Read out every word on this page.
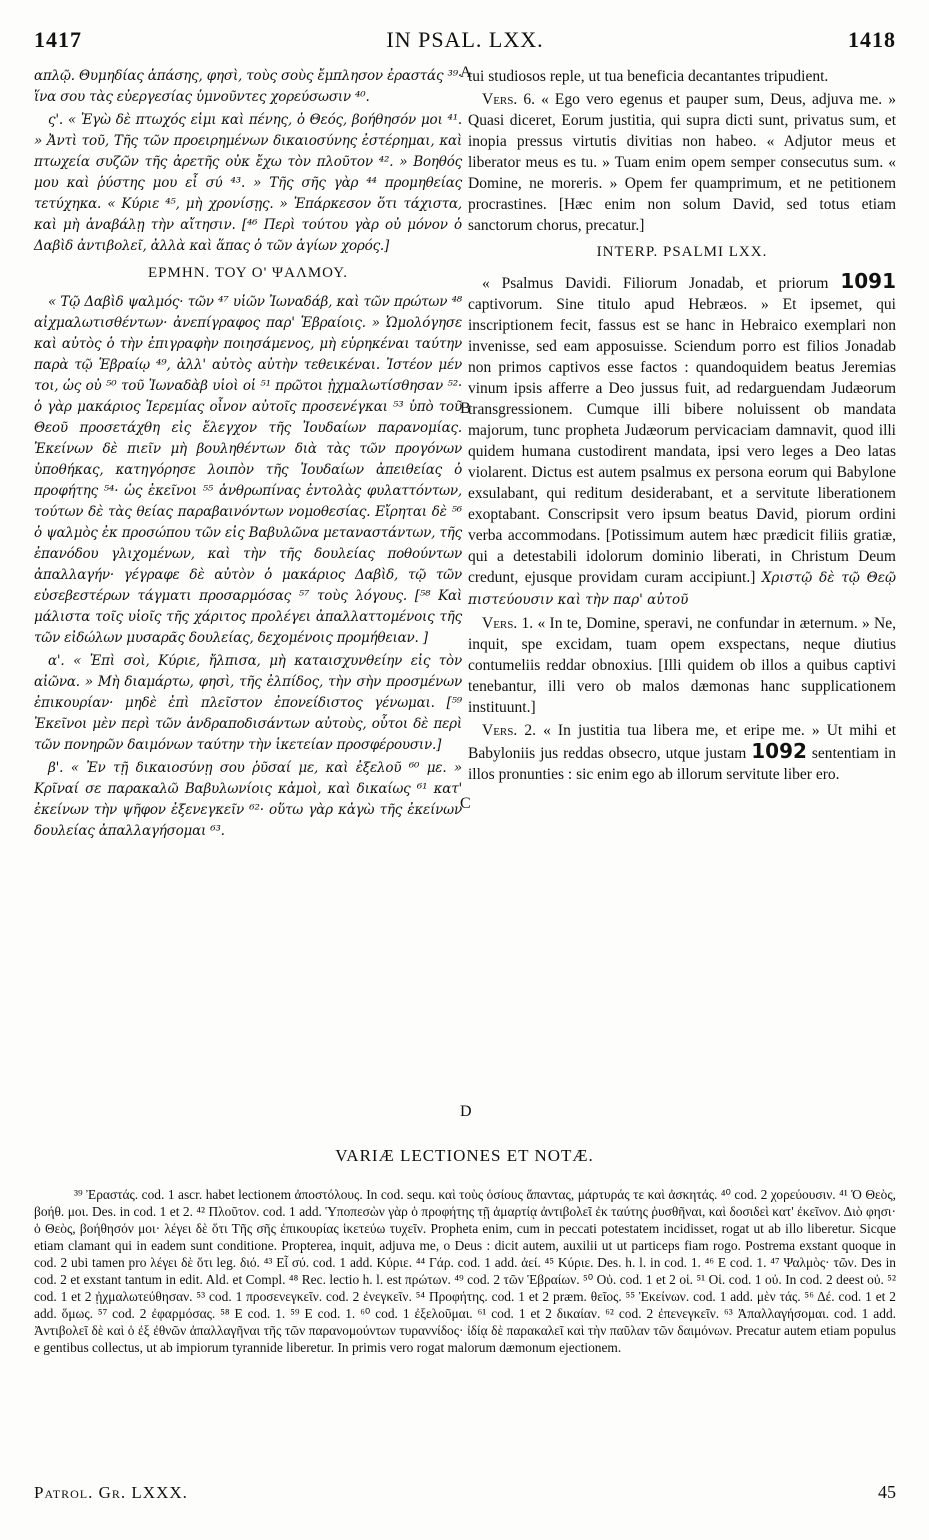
1417	IN PSAL. LXX.	1418

απλῷ. Θυμηδίας ἁπάσης, φησὶ, τοὺς σοὺς ἔμπλησον ἐραστάς ³⁹· ἵνα σου τὰς εὐεργεσίας ὑμνοῦντες χορεύσωσιν ⁴⁰.

ς'. « Ἐγὼ δὲ πτωχός εἰμι καὶ πένης, ὁ Θεός, βοήθησόν μοι ⁴¹. » Ἀντὶ τοῦ, Τῆς τῶν προειρημένων δικαιοσύνης ἐστέρημαι, καὶ πτωχεία συζῶν τῆς ἀρετῆς οὐκ ἔχω τὸν πλοῦτον ⁴². » Βοηθός μου καὶ ῥύστης μου εἶ σύ ⁴³. » Τῆς σῆς γὰρ ⁴⁴ προμηθείας τετύχηκα. « Κύριε ⁴⁵, μὴ χρονίσῃς. » Ἐπάρκεσον ὅτι τάχιστα, καὶ μὴ ἀναβάλῃ τὴν αἴτησιν. [⁴⁶ Περὶ τούτου γὰρ οὐ μόνον ὁ Δαβὶδ ἀντιβολεῖ, ἀλλὰ καὶ ἅπας ὁ τῶν ἁγίων χορός.]

ΕΡΜΗΝ. ΤΟΥ Ο' ΨΑΛΜΟΥ.

« Τῷ Δαβὶδ ψαλμός· τῶν ⁴⁷ υἱῶν Ἰωναδάβ, καὶ τῶν πρώτων ⁴⁸ αἰχμαλωτισθέντων· ἀνεπίγραφος παρ' Ἑβραίοις. » Ὡμολόγησε καὶ αὐτὸς ὁ τὴν ἐπιγραφὴν ποιησάμενος, μὴ εὑρηκέναι ταύτην παρὰ τῷ Ἑβραίῳ ⁴⁹, ἀλλ' αὐτὸς αὐτὴν τεθεικέναι. Ἰστέον μέν τοι, ὡς οὐ ⁵⁰ τοῦ Ἰωναδὰβ υἱοὶ οἱ ⁵¹ πρῶτοι ᾐχμαλωτίσθησαν ⁵²· ὁ γὰρ μακάριος Ἱερεμίας οἶνον αὐτοῖς προσενέγκαι ⁵³ ὑπὸ τοῦ Θεοῦ προσετάχθη εἰς ἔλεγχον τῆς Ἰουδαίων παρανομίας. Ἐκείνων δὲ πιεῖν μὴ βουληθέντων διὰ τὰς τῶν προγόνων ὑποθήκας, κατηγόρησε λοιπὸν τῆς Ἰουδαίων ἀπειθείας ὁ προφήτης ⁵⁴· ὡς ἐκεῖνοι ⁵⁵ ἀνθρωπίνας ἐντολὰς φυλαττόντων, τούτων δὲ τὰς θείας παραβαινόντων νομοθεσίας. Εἴρηται δὲ ⁵⁶ ὁ ψαλμὸς ἐκ προσώπου τῶν εἰς Βαβυλῶνα μεταναστάντων, τῆς ἐπανόδου γλιχομένων, καὶ τὴν τῆς δουλείας ποθούντων ἀπαλλαγήν· γέγραφε δὲ αὐτὸν ὁ μακάριος Δαβὶδ, τῷ τῶν εὐσεβεστέρων τάγματι προσαρμόσας ⁵⁷ τοὺς λόγους. [⁵⁸ Καὶ μάλιστα τοῖς υἱοῖς τῆς χάριτος προλέγει ἀπαλλαττομένοις τῆς τῶν εἰδώλων μυσαρᾶς δουλείας, δεχομένοις προμήθειαν. ]

α'. « Ἐπὶ σοὶ, Κύριε, ἤλπισα, μὴ καταισχυνθείην εἰς τὸν αἰῶνα. » Μὴ διαμάρτω, φησὶ, τῆς ἐλπίδος, τὴν σὴν προσμένων ἐπικουρίαν· μηδὲ ἐπὶ πλεῖστον ἐπονείδιστος γένωμαι. [⁵⁹ Ἐκεῖνοι μὲν περὶ τῶν ἀνδραποδισάντων αὐτοὺς, οὗτοι δὲ περὶ τῶν πονηρῶν δαιμόνων ταύτην τὴν ἱκετείαν προσφέρουσιν.]

β'. « Ἐν τῇ δικαιοσύνῃ σου ῥῦσαί με, καὶ ἐξελοῦ ⁶⁰ με. » Κρῖναί σε παρακαλῶ Βαβυλωνίοις κἀμοὶ, καὶ δικαίως ⁶¹ κατ' ἐκείνων τὴν ψῆφον ἐξενεγκεῖν ⁶²· οὕτω γὰρ κἀγὼ τῆς ἐκείνων δουλείας ἀπαλλαγήσομαι ⁶³.

tui studiosos reple, ut tua beneficia decantantes tripudient.

Vers. 6. « Ego vero egenus et pauper sum, Deus, adjuva me. » Quasi diceret, Eorum justitia, qui supra dicti sunt, privatus sum, et inopia pressus virtutis divitias non habeo. « Adjutor meus et liberator meus es tu. » Tuam enim opem semper consecutus sum. « Domine, ne moreris. » Opem fer quamprimum, et ne petitionem procrastines. [Hæc enim non solum David, sed totus etiam sanctorum chorus, precatur.]

INTERP. PSALMI LXX.

« Psalmus Davidi. Filiorum Jonadab, et priorum 1091 captivorum. Sine titulo apud Hebræos. » Et ipsemet, qui inscriptionem fecit, fassus est se hanc in Hebraico exemplari non invenisse, sed eam apposuisse. Sciendum porro est filios Jonadab non primos captivos esse factos : quandoquidem beatus Jeremias vinum ipsis afferre a Deo jussus fuit, ad redarguendam Judæorum transgressionem. Cumque illi bibere noluissent ob mandata majorum, tunc propheta Judæorum pervicaciam damnavit, quod illi quidem humana custodirent mandata, ipsi vero leges a Deo latas violarent. Dictus est autem psalmus ex persona eorum qui Babylone exsulabant, qui reditum desiderabant, et a servitute liberationem exoptabant. Conscripsit vero ipsum beatus David, piorum ordini verba accommodans. [Potissimum autem hæc prædicit filiis gratiæ, qui a detestabili idolorum dominio liberati, in Christum Deum credunt, ejusque providam curam accipiunt.] Χριστῷ δὲ τῷ Θεῷ πιστεύουσιν καὶ τὴν παρ' αὐτοῦ

Vers. 1. « In te, Domine, speravi, ne confundar in æternum. » Ne, inquit, spe excidam, tuam opem exspectans, neque diutius contumeliis reddar obnoxius. [Illi quidem ob illos a quibus captivi tenebantur, illi vero ob malos dæmonas hanc supplicationem instituunt.]

Vers. 2. « In justitia tua libera me, et eripe me. » Ut mihi et Babyloniis jus reddas obsecro, utque justam 1092 sententiam in illos pronunties : sic enim ego ab illorum servitute liber ero.

A
B
C
D
VARIÆ LECTIONES ET NOTÆ.

³⁹ Ἐραστάς. cod. 1 ascr. habet lectionem ἀποστόλους. In cod. sequ. καὶ τοὺς ὁσίους ἅπαντας, μάρτυράς τε καὶ ἀσκητάς. ⁴⁰ cod. 2 χορεύουσιν. ⁴¹ Ὁ Θεὸς, βοήθ. μοι. Des. in cod. 1 et 2. ⁴² Πλοῦτον. cod. 1 add. Ὑποπεσὼν γὰρ ὁ προφήτης τῇ ἁμαρτίᾳ ἀντιβολεῖ ἐκ ταύτης ῥυσθῆναι, καὶ δοσιδεὶ κατ' ἐκεῖνον. Διὸ φησι· ὁ Θεὸς, βοήθησόν μοι· λέγει δὲ ὅτι Τῆς σῆς ἐπικουρίας ἱκετεύω τυχεῖν. Propheta enim, cum in peccati potestatem incidisset, rogat ut ab illo liberetur. Sicque etiam clamant qui in eadem sunt conditione. Propterea, inquit, adjuva me, o Deus : dicit autem, auxilii ut ut particeps fiam rogo. Postrema exstant quoque in cod. 2 ubi tamen pro λέγει δὲ ὅτι leg. διό. ⁴³ Εἶ σύ. cod. 1 add. Κύριε. ⁴⁴ Γάρ. cod. 1 add. ἀεί. ⁴⁵ Κύριε. Des. h. l. in cod. 1. ⁴⁶ E cod. 1. ⁴⁷ Ψαλμὸς· τῶν. Des in cod. 2 et exstant tantum in edit. Ald. et Compl. ⁴⁸ Rec. lectio h. l. est πρώτων. ⁴⁹ cod. 2 τῶν Ἑβραίων. ⁵⁰ Οὐ. cod. 1 et 2 οἱ. ⁵¹ Οἱ. cod. 1 οὐ. In cod. 2 deest οὐ. ⁵² cod. 1 et 2 ᾐχμαλωτεύθησαν. ⁵³ cod. 1 προσενεγκεῖν. cod. 2 ἐνεγκεῖν. ⁵⁴ Προφήτης. cod. 1 et 2 præm. θεῖος. ⁵⁵ Ἐκείνων. cod. 1 add. μὲν τάς. ⁵⁶ Δέ. cod. 1 et 2 add. ὅμως. ⁵⁷ cod. 2 ἐφαρμόσας. ⁵⁸ E cod. 1. ⁵⁹ E cod. 1. ⁶⁰ cod. 1 ἐξελοῦμαι. ⁶¹ cod. 1 et 2 δικαίαν. ⁶² cod. 2 ἐπενεγκεῖν. ⁶³ Ἀπαλλαγήσομαι. cod. 1 add. Ἀντιβολεῖ δὲ καὶ ὁ ἐξ ἐθνῶν ἀπαλλαγῆναι τῆς τῶν παρανομούντων τυραννίδος· ἰδίᾳ δὲ παρακαλεῖ καὶ τὴν παῦλαν τῶν δαιμόνων. Precatur autem etiam populus e gentibus collectus, ut ab impiorum tyrannide liberetur. In primis vero rogat malorum dæmonum ejectionem.

Patrol. Gr. LXXX.	45
